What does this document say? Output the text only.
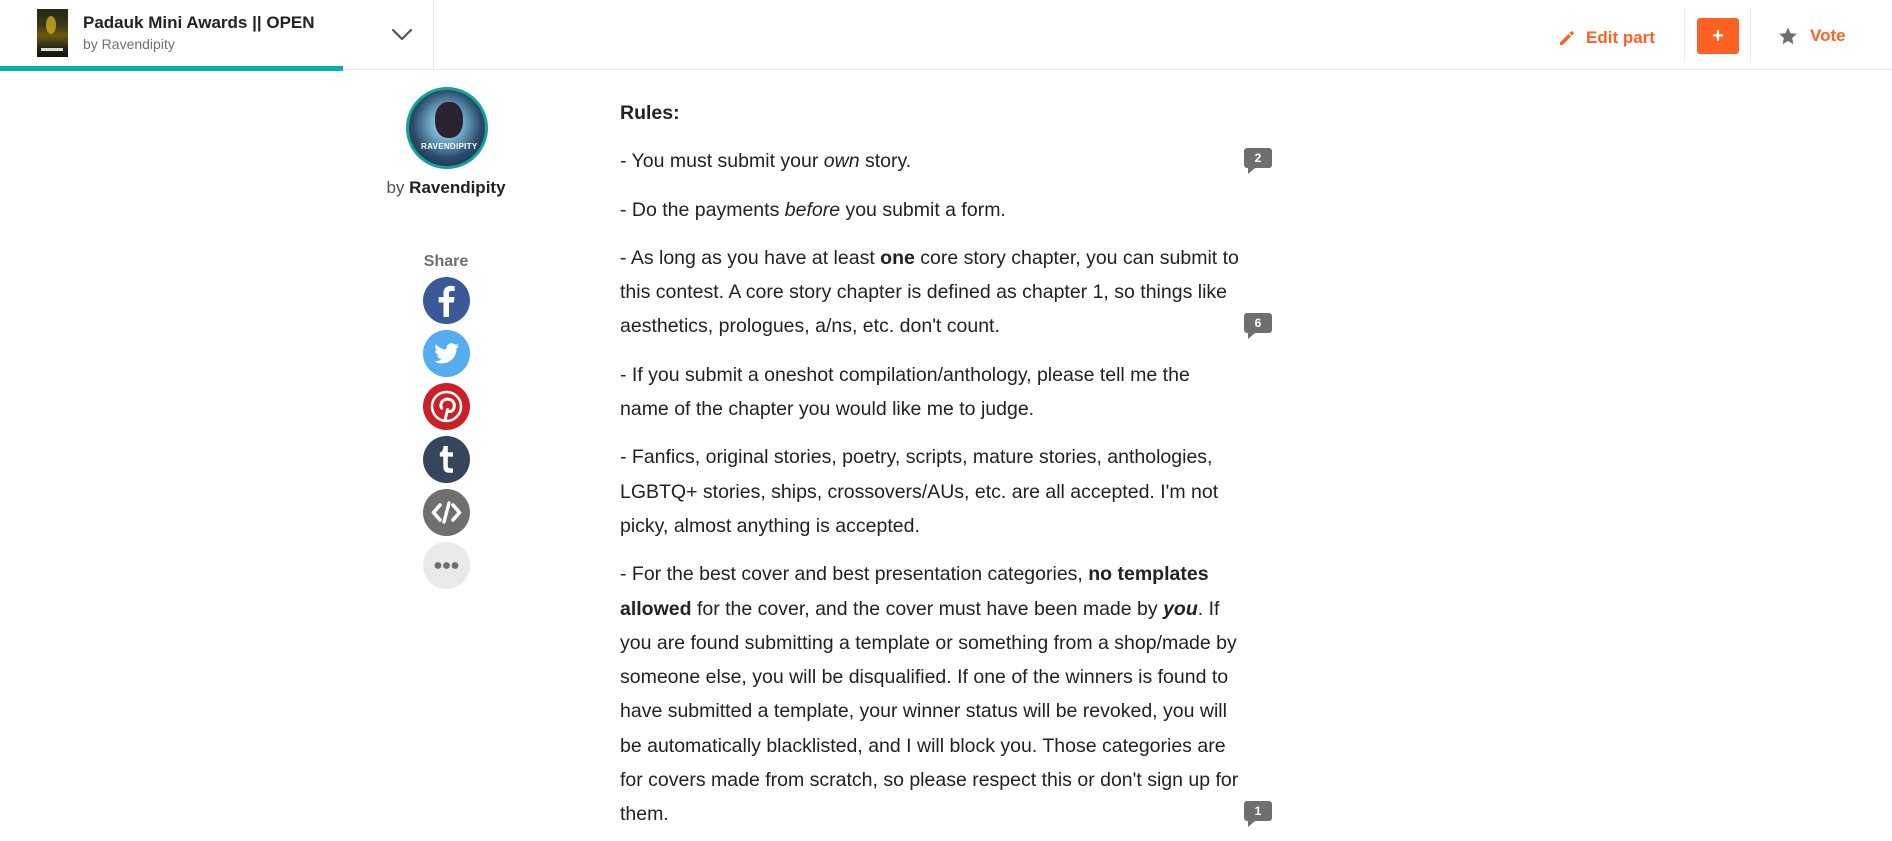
Padauk Mini Awards || OPEN
by Ravendipity	Edit part	+	Vote
RAVENDIPITY
by Ravendipity
Share

Rules:

- You must submit your own story.

- Do the payments before you submit a form.

- As long as you have at least one core story chapter, you can submit to this contest. A core story chapter is defined as chapter 1, so things like aesthetics, prologues, a/ns, etc. don't count.

- If you submit a oneshot compilation/anthology, please tell me the name of the chapter you would like me to judge.

- Fanfics, original stories, poetry, scripts, mature stories, anthologies, LGBTQ+ stories, ships, crossovers/AUs, etc. are all accepted. I'm not picky, almost anything is accepted.

- For the best cover and best presentation categories, no templates allowed for the cover, and the cover must have been made by you. If you are found submitting a template or something from a shop/made by someone else, you will be disqualified. If one of the winners is found to have submitted a template, your winner status will be revoked, you will be automatically blacklisted, and I will block you. Those categories are for covers made from scratch, so please respect this or don't sign up for them.

2
6
1
